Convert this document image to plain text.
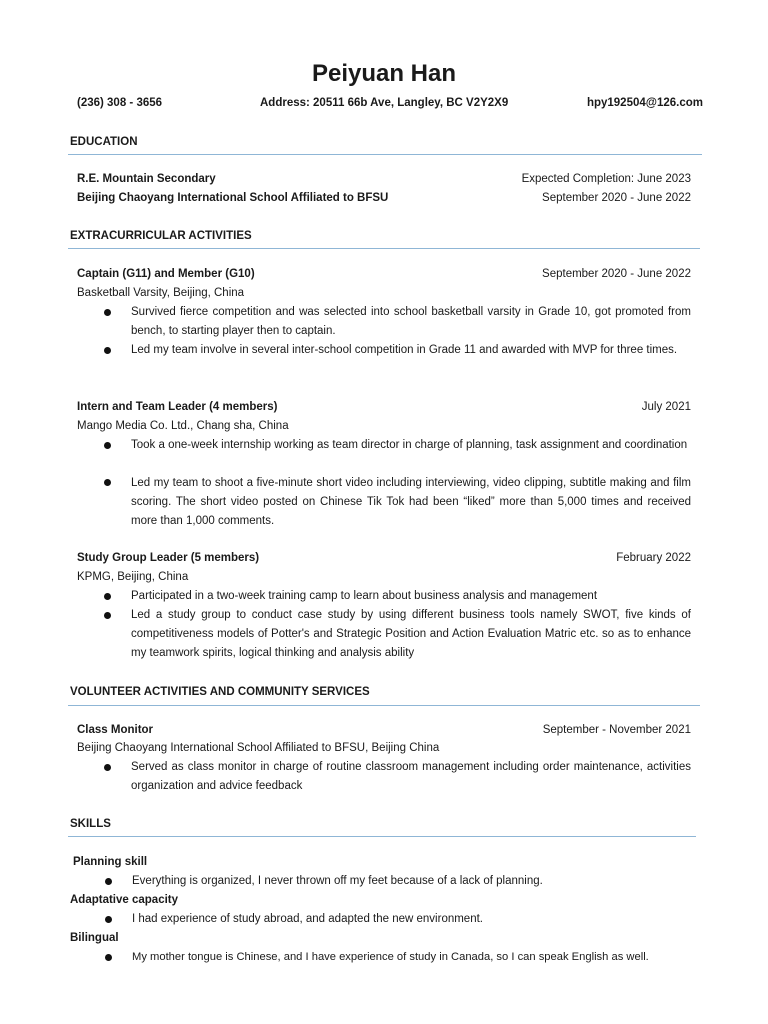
Peiyuan Han
(236) 308 - 3656	Address: 20511 66b Ave, Langley, BC V2Y2X9	hpy192504@126.com
EDUCATION
R.E. Mountain Secondary	Expected Completion: June 2023
Beijing Chaoyang International School Affiliated to BFSU	September 2020 - June 2022
EXTRACURRICULAR ACTIVITIES
Captain (G11) and Member (G10)	September 2020 - June 2022
Basketball Varsity, Beijing, China
Survived fierce competition and was selected into school basketball varsity in Grade 10, got promoted from bench, to starting player then to captain.
Led my team involve in several inter-school competition in Grade 11 and awarded with MVP for three times.
Intern and Team Leader (4 members)	July 2021
Mango Media Co. Ltd., Chang sha, China
Took a one-week internship working as team director in charge of planning, task assignment and coordination
Led my team to shoot a five-minute short video including interviewing, video clipping, subtitle making and film scoring. The short video posted on Chinese Tik Tok had been “liked” more than 5,000 times and received more than 1,000 comments.
Study Group Leader (5 members)	February 2022
KPMG, Beijing, China
Participated in a two-week training camp to learn about business analysis and management
Led a study group to conduct case study by using different business tools namely SWOT, five kinds of competitiveness models of Potter's and Strategic Position and Action Evaluation Matric etc. so as to enhance my teamwork spirits, logical thinking and analysis ability
VOLUNTEER ACTIVITIES AND COMMUNITY SERVICES
Class Monitor	September - November 2021
Beijing Chaoyang International School Affiliated to BFSU, Beijing China
Served as class monitor in charge of routine classroom management including order maintenance, activities organization and advice feedback
SKILLS
Planning skill
Everything is organized, I never thrown off my feet because of a lack of planning.
Adaptative capacity
I had experience of study abroad, and adapted the new environment.
Bilingual
My mother tongue is Chinese, and I have experience of study in Canada, so I can speak English as well.
